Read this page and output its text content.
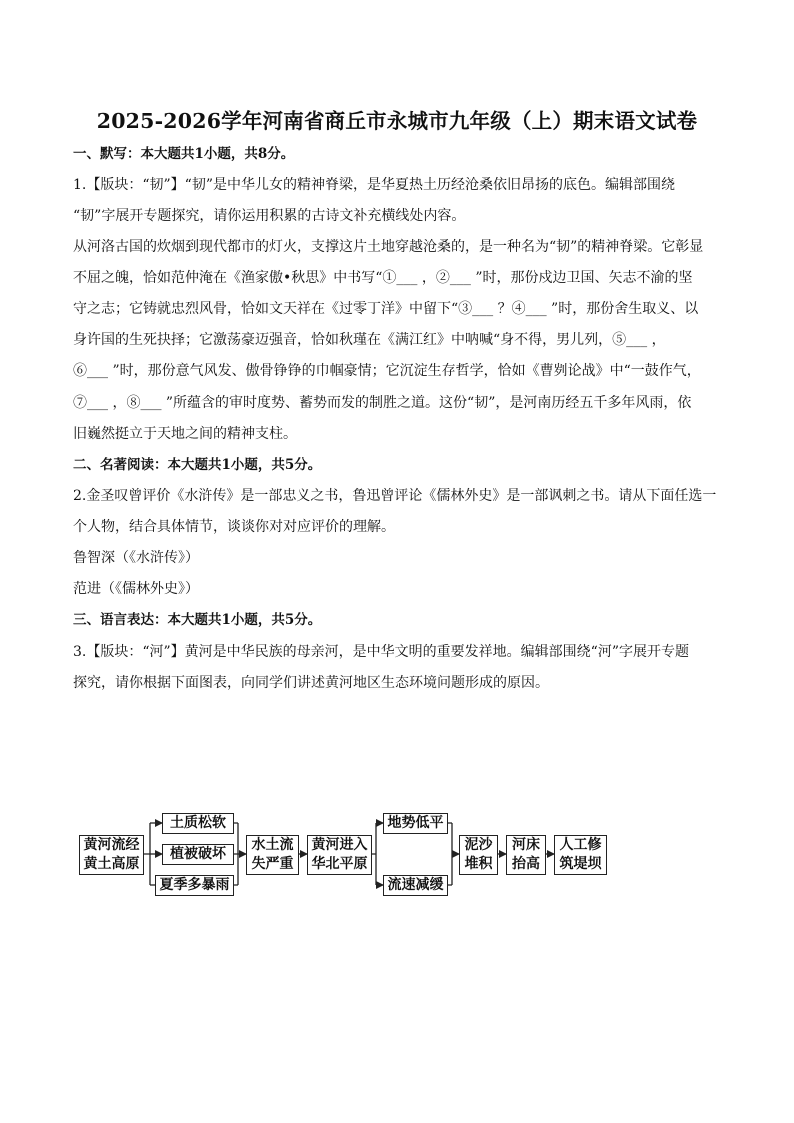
2025-2026学年河南省商丘市永城市九年级（上）期末语文试卷
一、默写：本大题共1小题，共8分。
1.【版块：“韧”】“韧”是中华儿女的精神脊梁，是华夏热土历经沧桑依旧昂扬的底色。编辑部围绕
“韧”字展开专题探究，请你运用积累的古诗文补充横线处内容。
从河洛古国的炊烟到现代都市的灯火，支撑这片土地穿越沧桑的，是一种名为“韧”的精神脊梁。它彰显
不屈之魄，恰如范仲淹在《渔家傲•秋思》中书写“①___ ，②___ ”时，那份戍边卫国、矢志不渝的坚
守之志；它铸就忠烈风骨，恰如文天祥在《过零丁洋》中留下“③___ ？④___ ”时，那份舍生取义、以
身许国的生死抉择；它激荡豪迈强音，恰如秋瑾在《满江红》中呐喊“身不得，男儿列，⑤___ ，
⑥___ ”时，那份意气风发、傲骨铮铮的巾帼豪情；它沉淀生存哲学，恰如《曹刿论战》中“一鼓作气，
⑦___ ，⑧___ ”所蕴含的审时度势、蓄势而发的制胜之道。这份“韧”，是河南历经五千多年风雨，依
旧巍然挺立于天地之间的精神支柱。
二、名著阅读：本大题共1小题，共5分。
2.金圣叹曾评价《水浒传》是一部忠义之书，鲁迅曾评论《儒林外史》是一部讽刺之书。请从下面任选一
个人物，结合具体情节，谈谈你对对应评价的理解。
鲁智深（《水浒传》）
范进（《儒林外史》）
三、语言表达：本大题共1小题，共5分。
3.【版块：“河”】黄河是中华民族的母亲河，是中华文明的重要发祥地。编辑部围绕“河”字展开专题
探究，请你根据下面图表，向同学们讲述黄河地区生态环境问题形成的原因。
黄河流经
黄土高原
土质松软
植被破坏
夏季多暴雨
水土流
失严重
黄河进入
华北平原
地势低平
流速减缓
泥沙
堆积
河床
抬高
人工修
筑堤坝
